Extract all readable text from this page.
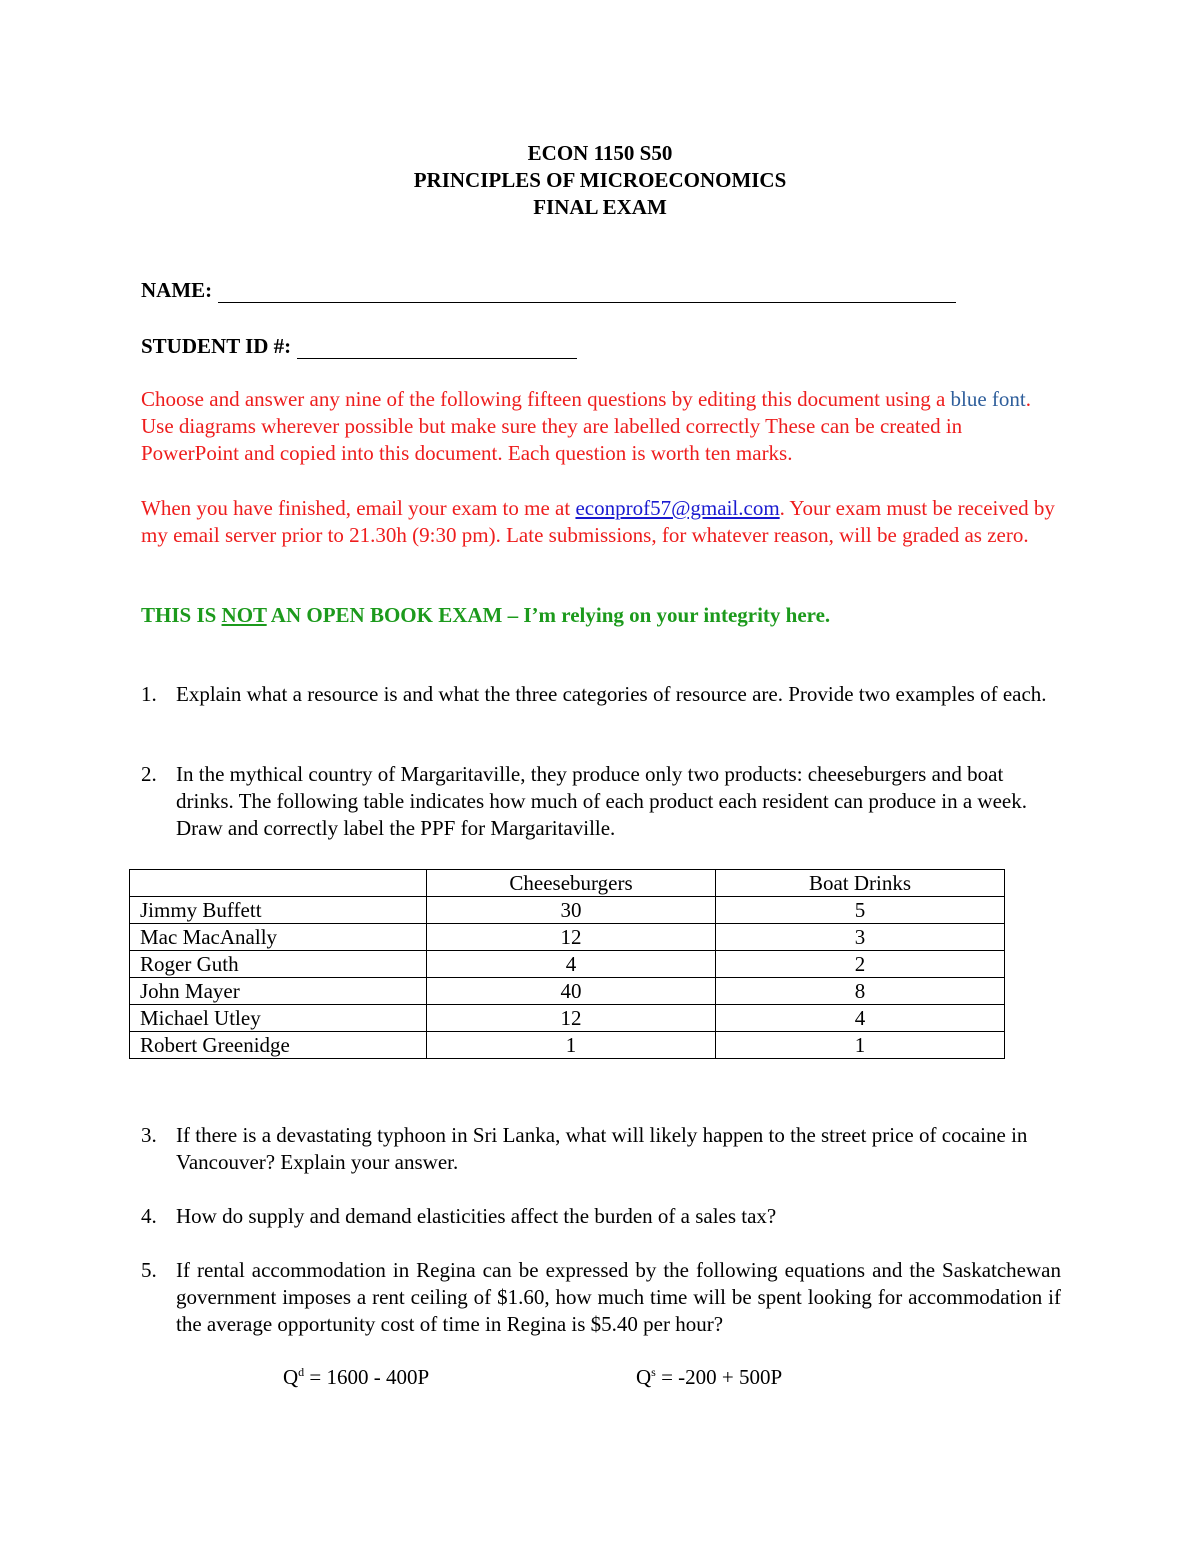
ECON 1150 S50
PRINCIPLES OF MICROECONOMICS
FINAL EXAM
NAME:
STUDENT ID #:
Choose and answer any nine of the following fifteen questions by editing this document using a blue font. Use diagrams wherever possible but make sure they are labelled correctly These can be created in PowerPoint and copied into this document. Each question is worth ten marks.
When you have finished, email your exam to me at econprof57@gmail.com. Your exam must be received by my email server prior to 21.30h (9:30 pm). Late submissions, for whatever reason, will be graded as zero.
THIS IS NOT AN OPEN BOOK EXAM – I’m relying on your integrity here.
1. Explain what a resource is and what the three categories of resource are. Provide two examples of each.
2. In the mythical country of Margaritaville, they produce only two products: cheeseburgers and boat drinks. The following table indicates how much of each product each resident can produce in a week. Draw and correctly label the PPF for Margaritaville.
	Cheeseburgers	Boat Drinks
Jimmy Buffett	30	5
Mac MacAnally	12	3
Roger Guth	4	2
John Mayer	40	8
Michael Utley	12	4
Robert Greenidge	1	1
3. If there is a devastating typhoon in Sri Lanka, what will likely happen to the street price of cocaine in Vancouver? Explain your answer.
4. How do supply and demand elasticities affect the burden of a sales tax?
5. If rental accommodation in Regina can be expressed by the following equations and the Saskatchewan government imposes a rent ceiling of $1.60, how much time will be spent looking for accommodation if the average opportunity cost of time in Regina is $5.40 per hour?
$Q^d = 1600 - 400P$	$Q^s = -200 + 500P$
